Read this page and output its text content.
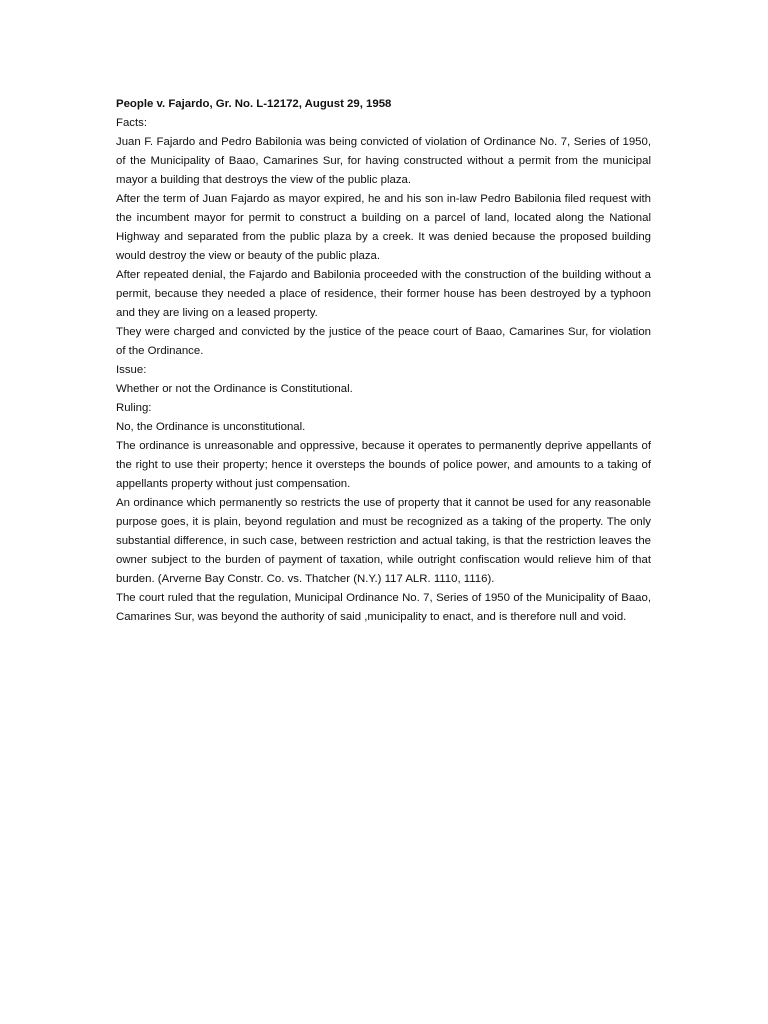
People v. Fajardo, Gr. No. L-12172, August 29, 1958

Facts:

Juan F. Fajardo and Pedro Babilonia was being convicted of violation of Ordinance No. 7, Series of 1950, of the Municipality of Baao, Camarines Sur, for having constructed without a permit from the municipal mayor a building that destroys the view of the public plaza.

After the term of Juan Fajardo as mayor expired, he and his son in-law Pedro Babilonia filed request with the incumbent mayor for permit to construct a building on a parcel of land, located along the National Highway and separated from the public plaza by a creek. It was denied because the proposed building would destroy the view or beauty of the public plaza.

After repeated denial, the Fajardo and Babilonia proceeded with the construction of the building without a permit, because they needed a place of residence, their former house has been destroyed by a typhoon and they are living on a leased property.

They were charged and convicted by the justice of the peace court of Baao, Camarines Sur, for violation of the Ordinance.

Issue:

Whether or not the Ordinance is Constitutional.

Ruling:

No, the Ordinance is unconstitutional.

The ordinance is unreasonable and oppressive, because it operates to permanently deprive appellants of the right to use their property; hence it oversteps the bounds of police power, and amounts to a taking of appellants property without just compensation.

An ordinance which permanently so restricts the use of property that it cannot be used for any reasonable purpose goes, it is plain, beyond regulation and must be recognized as a taking of the property. The only substantial difference, in such case, between restriction and actual taking, is that the restriction leaves the owner subject to the burden of payment of taxation, while outright confiscation would relieve him of that burden. (Arverne Bay Constr. Co. vs. Thatcher (N.Y.) 117 ALR. 1110, 1116).

The court ruled that the regulation, Municipal Ordinance No. 7, Series of 1950 of the Municipality of Baao, Camarines Sur, was beyond the authority of said ,municipality to enact, and is therefore null and void.
